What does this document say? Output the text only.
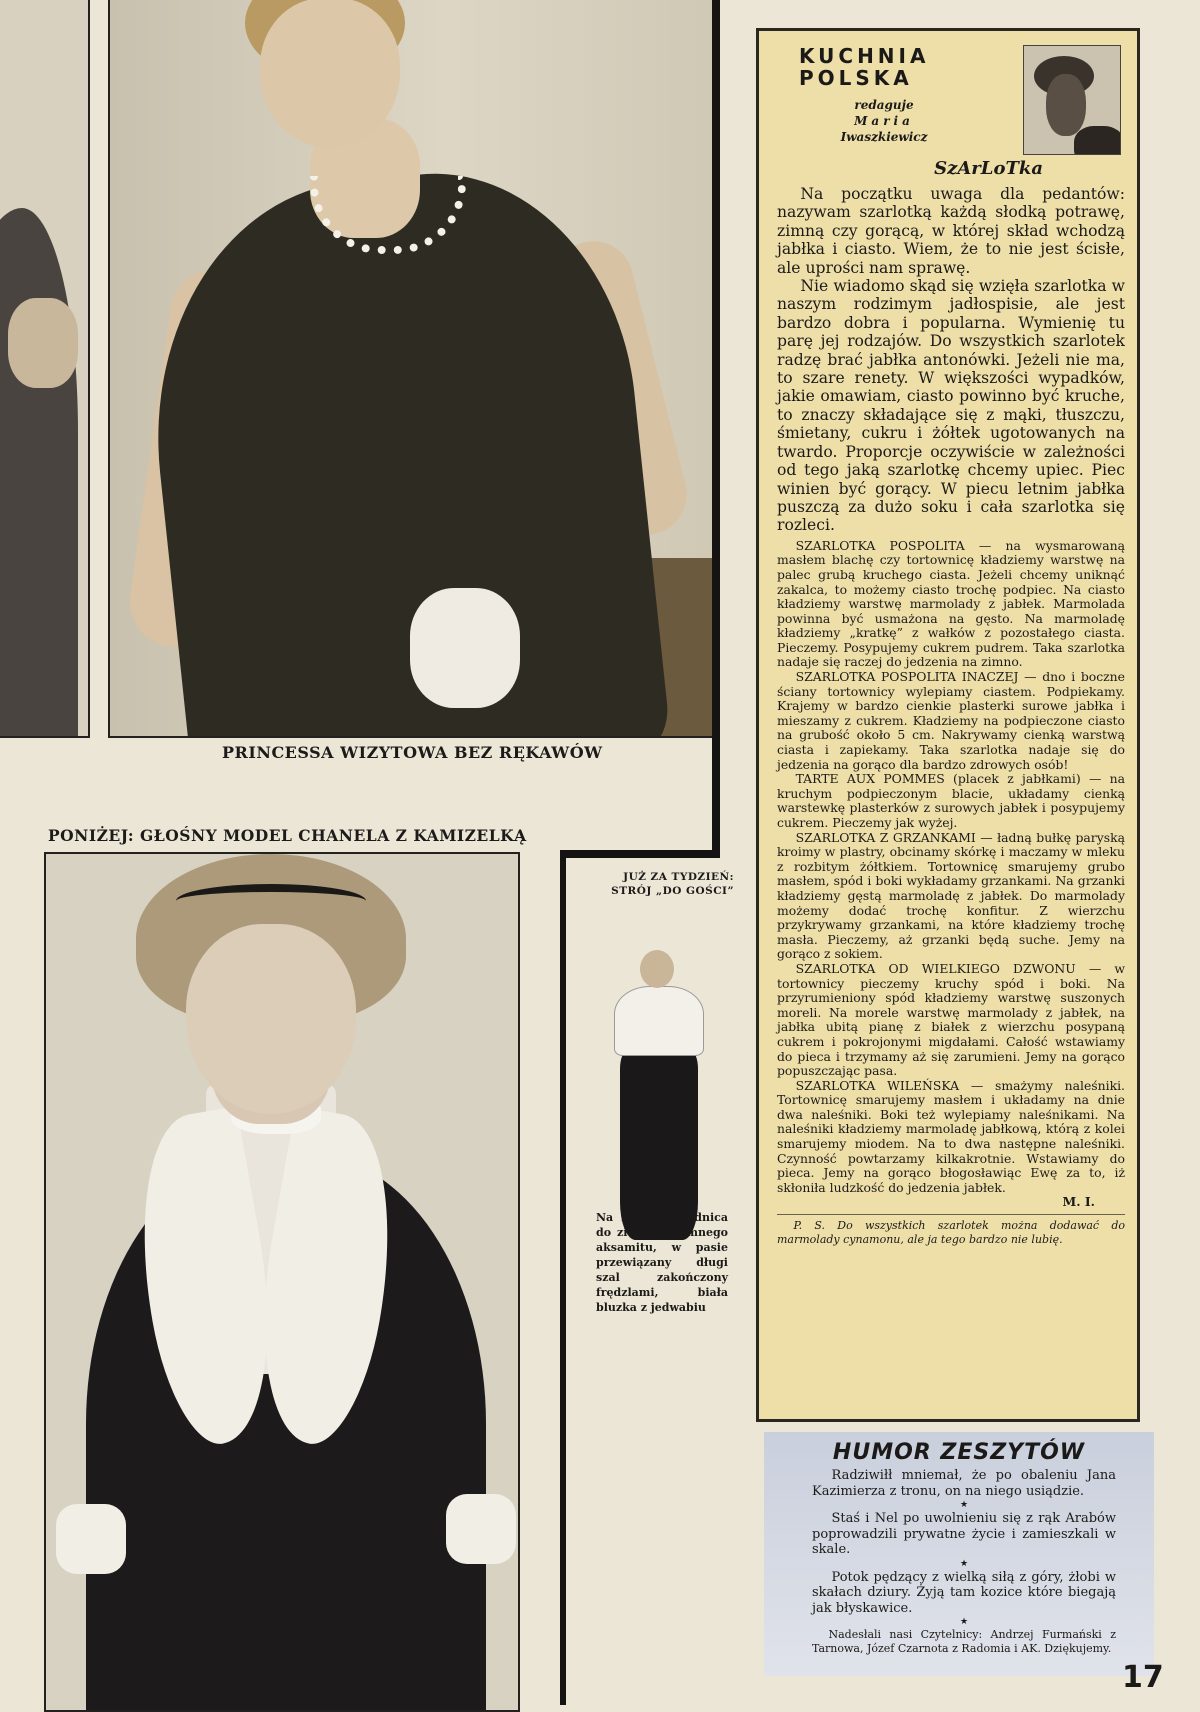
PRINCESSA WIZYTOWA BEZ RĘKAWÓW
PONIŻEJ: GŁOŚNY MODEL CHANELA Z KAMIZELKĄ
JUŻ ZA TYDZIEŃ:
STRÓJ „DO GOŚCI”
Na zdjęciu spódnica do ziemi z ciemnego aksamitu, w pasie przewiązany długi szal zakończony frędzlami, biała bluzka z jedwabiu
KUCHNIA
POLSKA
redaguje
Maria
Iwaszkiewicz
SzArLoTka

Na początku uwaga dla pedantów: nazywam szarlotką każdą słodką potrawę, zimną czy gorącą, w której skład wchodzą jabłka i ciasto. Wiem, że to nie jest ścisłe, ale uprości nam sprawę.

Nie wiadomo skąd się wzięła szarlotka w naszym rodzimym jadłospisie, ale jest bardzo dobra i popularna. Wymienię tu parę jej rodzajów. Do wszystkich szarlotek radzę brać jabłka antonówki. Jeżeli nie ma, to szare renety. W większości wypadków, jakie omawiam, ciasto powinno być kruche, to znaczy składające się z mąki, tłuszczu, śmietany, cukru i żółtek ugotowanych na twardo. Proporcje oczywiście w zależności od tego jaką szarlotkę chcemy upiec. Piec winien być gorący. W piecu letnim jabłka puszczą za dużo soku i cała szarlotka się rozleci.

SZARLOTKA POSPOLITA — na wysmarowaną masłem blachę czy tortownicę kładziemy warstwę na palec grubą kruchego ciasta. Jeżeli chcemy uniknąć zakalca, to możemy ciasto trochę podpiec. Na ciasto kładziemy warstwę marmolady z jabłek. Marmolada powinna być usmażona na gęsto. Na marmoladę kładziemy „kratkę” z wałków z pozostałego ciasta. Pieczemy. Posypujemy cukrem pudrem. Taka szarlotka nadaje się raczej do jedzenia na zimno.

SZARLOTKA POSPOLITA INACZEJ — dno i boczne ściany tortownicy wylepiamy ciastem. Podpiekamy. Krajemy w bardzo cienkie plasterki surowe jabłka i mieszamy z cukrem. Kładziemy na podpieczone ciasto na grubość około 5 cm. Nakrywamy cienką warstwą ciasta i zapiekamy. Taka szarlotka nadaje się do jedzenia na gorąco dla bardzo zdrowych osób!

TARTE AUX POMMES (placek z jabłkami) — na kruchym podpieczonym blacie, układamy cienką warstewkę plasterków z surowych jabłek i posypujemy cukrem. Pieczemy jak wyżej.

SZARLOTKA Z GRZANKAMI — ładną bułkę paryską kroimy w plastry, obcinamy skórkę i maczamy w mleku z rozbitym żółtkiem. Tortownicę smarujemy grubo masłem, spód i boki wykładamy grzankami. Na grzanki kładziemy gęstą marmoladę z jabłek. Do marmolady możemy dodać trochę konfitur. Z wierzchu przykrywamy grzankami, na które kładziemy trochę masła. Pieczemy, aż grzanki będą suche. Jemy na gorąco z sokiem.

SZARLOTKA OD WIELKIEGO DZWONU — w tortownicy pieczemy kruchy spód i boki. Na przyrumieniony spód kładziemy warstwę suszonych moreli. Na morele warstwę marmolady z jabłek, na jabłka ubitą pianę z białek z wierzchu posypaną cukrem i pokrojonymi migdałami. Całość wstawiamy do pieca i trzymamy aż się zarumieni. Jemy na gorąco popuszczając pasa.

SZARLOTKA WILEŃSKA — smażymy naleśniki. Tortownicę smarujemy masłem i układamy na dnie dwa naleśniki. Boki też wylepiamy naleśnikami. Na naleśniki kładziemy marmoladę jabłkową, którą z kolei smarujemy miodem. Na to dwa następne naleśniki. Czynność powtarzamy kilkakrotnie. Wstawiamy do pieca. Jemy na gorąco błogosławiąc Ewę za to, iż skłoniła ludzkość do jedzenia jabłek.

M. I.

P. S. Do wszystkich szarlotek można dodawać do marmolady cynamonu, ale ja tego bardzo nie lubię.

HUMOR ZESZYTÓW

Radziwiłł mniemał, że po obaleniu Jana Kazimierza z tronu, on na niego usiądzie.

★

Staś i Nel po uwolnieniu się z rąk Arabów poprowadzili prywatne życie i zamieszkali w skale.

★

Potok pędzący z wielką siłą z góry, żłobi w skałach dziury. Żyją tam kozice które biegają jak błyskawice.

★

Nadesłali nasi Czytelnicy: Andrzej Furmański z Tarnowa, Józef Czarnota z Radomia i AK. Dziękujemy.

17
